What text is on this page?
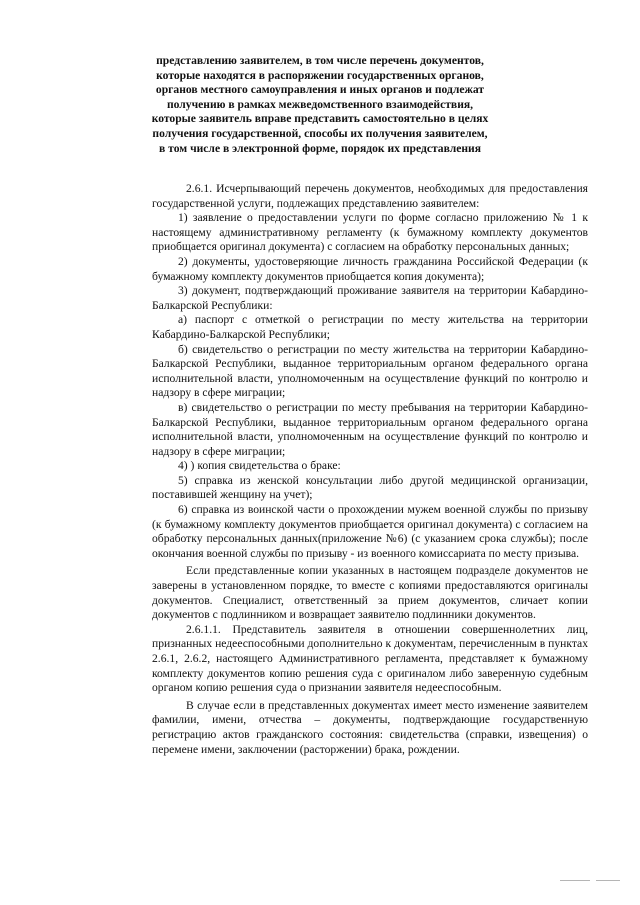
представлению заявителем, в том числе перечень документов, которые находятся в распоряжении государственных органов, органов местного самоуправления и иных органов и подлежат получению в рамках межведомственного взаимодействия, которые заявитель вправе представить самостоятельно в целях получения государственной, способы их получения заявителем, в том числе в электронной форме, порядок их представления

2.6.1. Исчерпывающий перечень документов, необходимых для предоставления государственной услуги, подлежащих представлению заявителем:

1) заявление о предоставлении услуги по форме согласно приложению № 1 к настоящему административному регламенту (к бумажному комплекту документов приобщается оригинал документа) с согласием на обработку персональных данных;

2) документы, удостоверяющие личность гражданина Российской Федерации (к бумажному комплекту документов приобщается копия документа);

3) документ, подтверждающий проживание заявителя на территории Кабардино-Балкарской Республики:

а) паспорт с отметкой о регистрации по месту жительства на территории Кабардино-Балкарской Республики;

б) свидетельство о регистрации по месту жительства на территории Кабардино-Балкарской Республики, выданное территориальным органом федерального органа исполнительной власти, уполномоченным на осуществление функций по контролю и надзору в сфере миграции;

в) свидетельство о регистрации по месту пребывания на территории Кабардино-Балкарской Республики, выданное территориальным органом федерального органа исполнительной власти, уполномоченным на осуществление функций по контролю и надзору в сфере миграции;

4) ) копия свидетельства о браке:

5) справка из женской консультации либо другой медицинской организации, поставившей женщину на учет);

6) справка из воинской части о прохождении мужем военной службы по призыву (к бумажному комплекту документов приобщается оригинал документа) с согласием на обработку персональных данных(приложение №6) (с указанием срока службы); после окончания военной службы по призыву - из военного комиссариата по месту призыва.

Если представленные копии указанных в настоящем подразделе документов не заверены в установленном порядке, то вместе с копиями предоставляются оригиналы документов. Специалист, ответственный за прием документов, сличает копии документов с подлинником и возвращает заявителю подлинники документов.

2.6.1.1. Представитель заявителя в отношении совершеннолетних лиц, признанных недееспособными дополнительно к документам, перечисленным в пунктах 2.6.1, 2.6.2, настоящего Административного регламента, представляет к бумажному комплекту документов копию решения суда с оригиналом либо заверенную судебным органом копию решения суда о признании заявителя недееспособным.

В случае если в представленных документах имеет место изменение заявителем фамилии, имени, отчества – документы, подтверждающие государственную регистрацию актов гражданского состояния: свидетельства (справки, извещения) о перемене имени, заключении (расторжении) брака, рождении.
